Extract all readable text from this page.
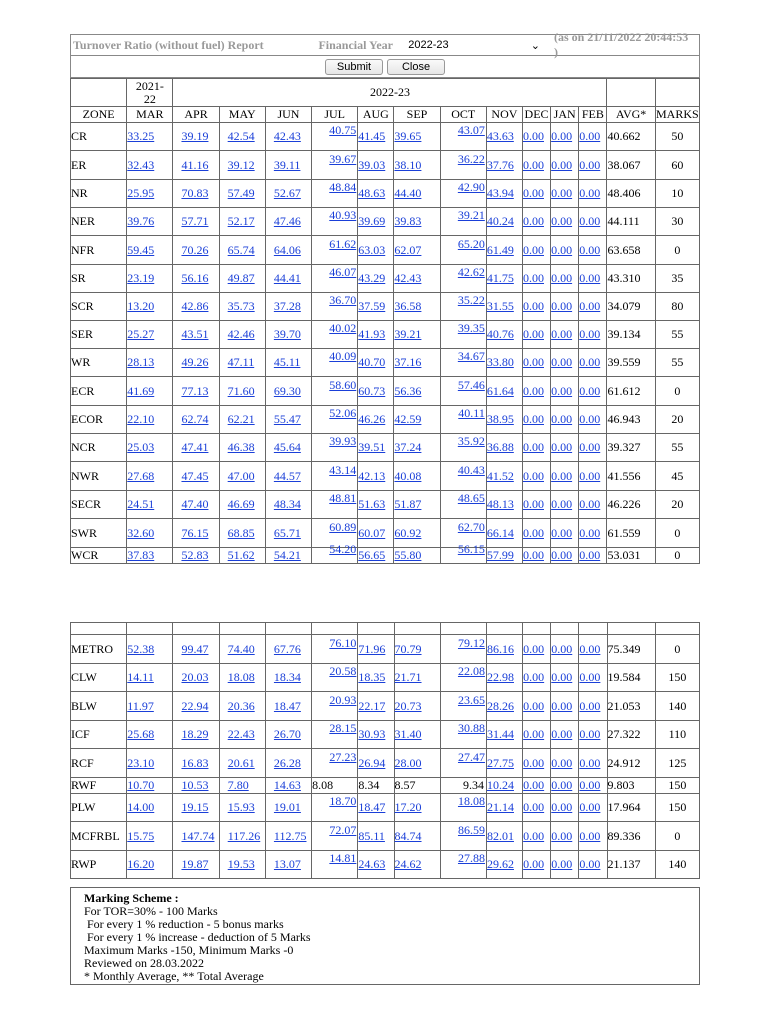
Turnover Ratio (without fuel) Report	Financial Year	2022-23	⌄
(as on 21/11/2022 20:44:53 )
Submit	Close
	2021-22	2022-23												
ZONE	MAR	APR	MAY	JUN	JUL	AUG	SEP	OCT	NOV	DEC	JAN	FEB	AVG*	MARKS
CR	33.25	39.19	42.54	42.43	40.75	41.45	39.65	43.07	43.63	0.00	0.00	0.00	40.662	50
ER	32.43	41.16	39.12	39.11	39.67	39.03	38.10	36.22	37.76	0.00	0.00	0.00	38.067	60
NR	25.95	70.83	57.49	52.67	48.84	48.63	44.40	42.90	43.94	0.00	0.00	0.00	48.406	10
NER	39.76	57.71	52.17	47.46	40.93	39.69	39.83	39.21	40.24	0.00	0.00	0.00	44.111	30
NFR	59.45	70.26	65.74	64.06	61.62	63.03	62.07	65.20	61.49	0.00	0.00	0.00	63.658	0
SR	23.19	56.16	49.87	44.41	46.07	43.29	42.43	42.62	41.75	0.00	0.00	0.00	43.310	35
SCR	13.20	42.86	35.73	37.28	36.70	37.59	36.58	35.22	31.55	0.00	0.00	0.00	34.079	80
SER	25.27	43.51	42.46	39.70	40.02	41.93	39.21	39.35	40.76	0.00	0.00	0.00	39.134	55
WR	28.13	49.26	47.11	45.11	40.09	40.70	37.16	34.67	33.80	0.00	0.00	0.00	39.559	55
ECR	41.69	77.13	71.60	69.30	58.60	60.73	56.36	57.46	61.64	0.00	0.00	0.00	61.612	0
ECOR	22.10	62.74	62.21	55.47	52.06	46.26	42.59	40.11	38.95	0.00	0.00	0.00	46.943	20
NCR	25.03	47.41	46.38	45.64	39.93	39.51	37.24	35.92	36.88	0.00	0.00	0.00	39.327	55
NWR	27.68	47.45	47.00	44.57	43.14	42.13	40.08	40.43	41.52	0.00	0.00	0.00	41.556	45
SECR	24.51	47.40	46.69	48.34	48.81	51.63	51.87	48.65	48.13	0.00	0.00	0.00	46.226	20
SWR	32.60	76.15	68.85	65.71	60.89	60.07	60.92	62.70	66.14	0.00	0.00	0.00	61.559	0
WCR	37.83	52.83	51.62	54.21	54.20	56.65	55.80	56.15	57.99	0.00	0.00	0.00	53.031	0

METRO	52.38	99.47	74.40	67.76	76.10	71.96	70.79	79.12	86.16	0.00	0.00	0.00	75.349	0
CLW	14.11	20.03	18.08	18.34	20.58	18.35	21.71	22.08	22.98	0.00	0.00	0.00	19.584	150
BLW	11.97	22.94	20.36	18.47	20.93	22.17	20.73	23.65	28.26	0.00	0.00	0.00	21.053	140
ICF	25.68	18.29	22.43	26.70	28.15	30.93	31.40	30.88	31.44	0.00	0.00	0.00	27.322	110
RCF	23.10	16.83	20.61	26.28	27.23	26.94	28.00	27.47	27.75	0.00	0.00	0.00	24.912	125
RWF	10.70	10.53	7.80	14.63	8.08	8.34	8.57	9.34	10.24	0.00	0.00	0.00	9.803	150
PLW	14.00	19.15	15.93	19.01	18.70	18.47	17.20	18.08	21.14	0.00	0.00	0.00	17.964	150
MCFRBL	15.75	147.74	117.26	112.75	72.07	85.11	84.74	86.59	82.01	0.00	0.00	0.00	89.336	0
RWP	16.20	19.87	19.53	13.07	14.81	24.63	24.62	27.88	29.62	0.00	0.00	0.00	21.137	140
Marking Scheme :
For TOR=30% - 100 Marks
For every 1 % reduction - 5 bonus marks
For every 1 % increase - deduction of 5 Marks
Maximum Marks -150, Minimum Marks -0
Reviewed on 28.03.2022
* Monthly Average, ** Total Average
